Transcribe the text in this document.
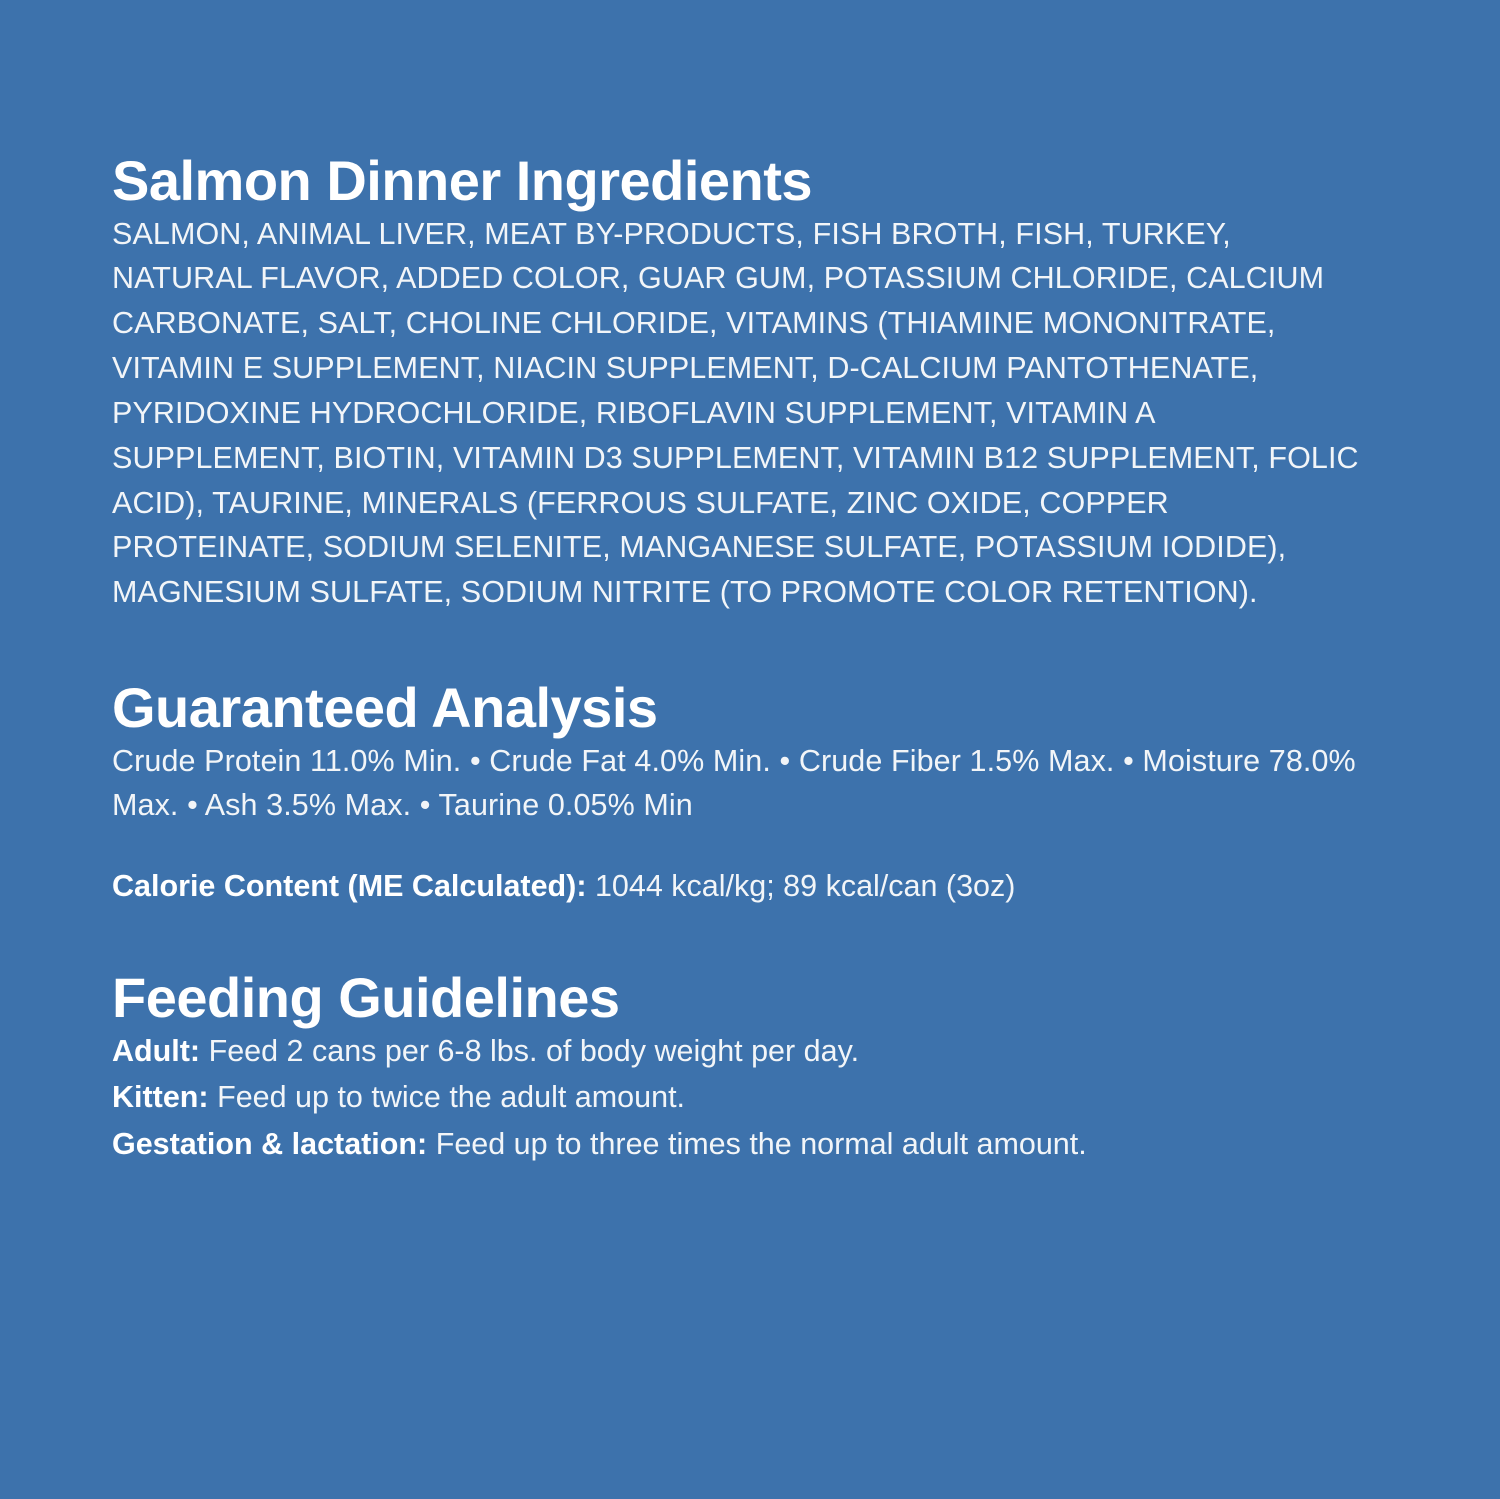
Salmon Dinner Ingredients
SALMON, ANIMAL LIVER, MEAT BY-PRODUCTS, FISH BROTH, FISH, TURKEY, NATURAL FLAVOR, ADDED COLOR, GUAR GUM, POTASSIUM CHLORIDE, CALCIUM CARBONATE, SALT, CHOLINE CHLORIDE, VITAMINS (THIAMINE MONONITRATE, VITAMIN E SUPPLEMENT, NIACIN SUPPLEMENT, D-CALCIUM PANTOTHENATE, PYRIDOXINE HYDROCHLORIDE, RIBOFLAVIN SUPPLEMENT, VITAMIN A SUPPLEMENT, BIOTIN, VITAMIN D3 SUPPLEMENT, VITAMIN B12 SUPPLEMENT, FOLIC ACID), TAURINE, MINERALS (FERROUS SULFATE, ZINC OXIDE, COPPER PROTEINATE, SODIUM SELENITE, MANGANESE SULFATE, POTASSIUM IODIDE), MAGNESIUM SULFATE, SODIUM NITRITE (TO PROMOTE COLOR RETENTION).
Guaranteed Analysis
Crude Protein 11.0% Min. • Crude Fat 4.0% Min. • Crude Fiber 1.5% Max. • Moisture 78.0% Max. • Ash 3.5% Max. • Taurine 0.05% Min
Calorie Content (ME Calculated): 1044 kcal/kg; 89 kcal/can (3oz)
Feeding Guidelines
Adult: Feed 2 cans per 6-8 lbs. of body weight per day.
Kitten: Feed up to twice the adult amount.
Gestation & lactation: Feed up to three times the normal adult amount.
